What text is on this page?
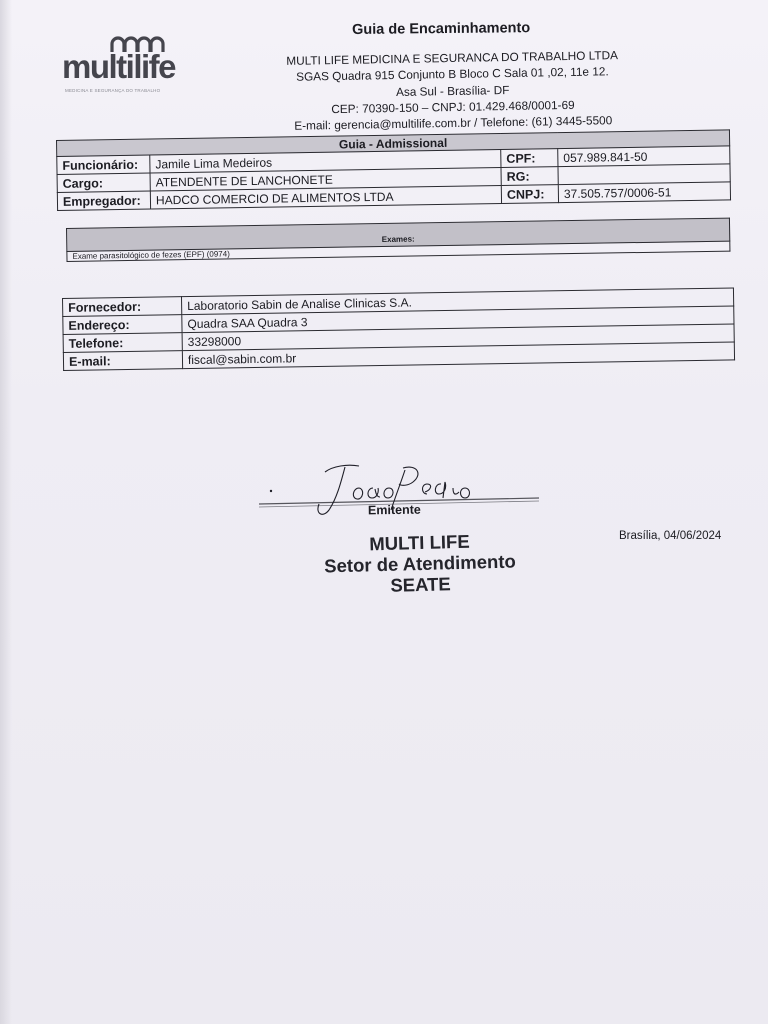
multilife
MEDICINA E SEGURANÇA DO TRABALHO
Guia de Encaminhamento
MULTI LIFE MEDICINA E SEGURANCA DO TRABALHO LTDA
SGAS Quadra 915 Conjunto B Bloco C Sala 01 ,02, 11e 12.
Asa Sul - Brasília- DF
CEP: 70390-150 – CNPJ: 01.429.468/0001-69
E-mail: gerencia@multilife.com.br / Telefone: (61) 3445-5500
Guia - Admissional			
Funcionário:	Jamile Lima Medeiros	CPF:	057.989.841-50
Cargo:	ATENDENTE DE LANCHONETE	RG:	
Empregador:	HADCO COMERCIO DE ALIMENTOS LTDA	CNPJ:	37.505.757/0006-51
Exames:
Exame parasitológico de fezes (EPF) (0974)
Fornecedor:	Laboratorio Sabin de Analise Clinicas S.A.
Endereço:	Quadra SAA Quadra 3
Telefone:	33298000
E-mail:	fiscal@sabin.com.br
Emitente
MULTI LIFE
Setor de Atendimento
SEATE
Brasília, 04/06/2024
